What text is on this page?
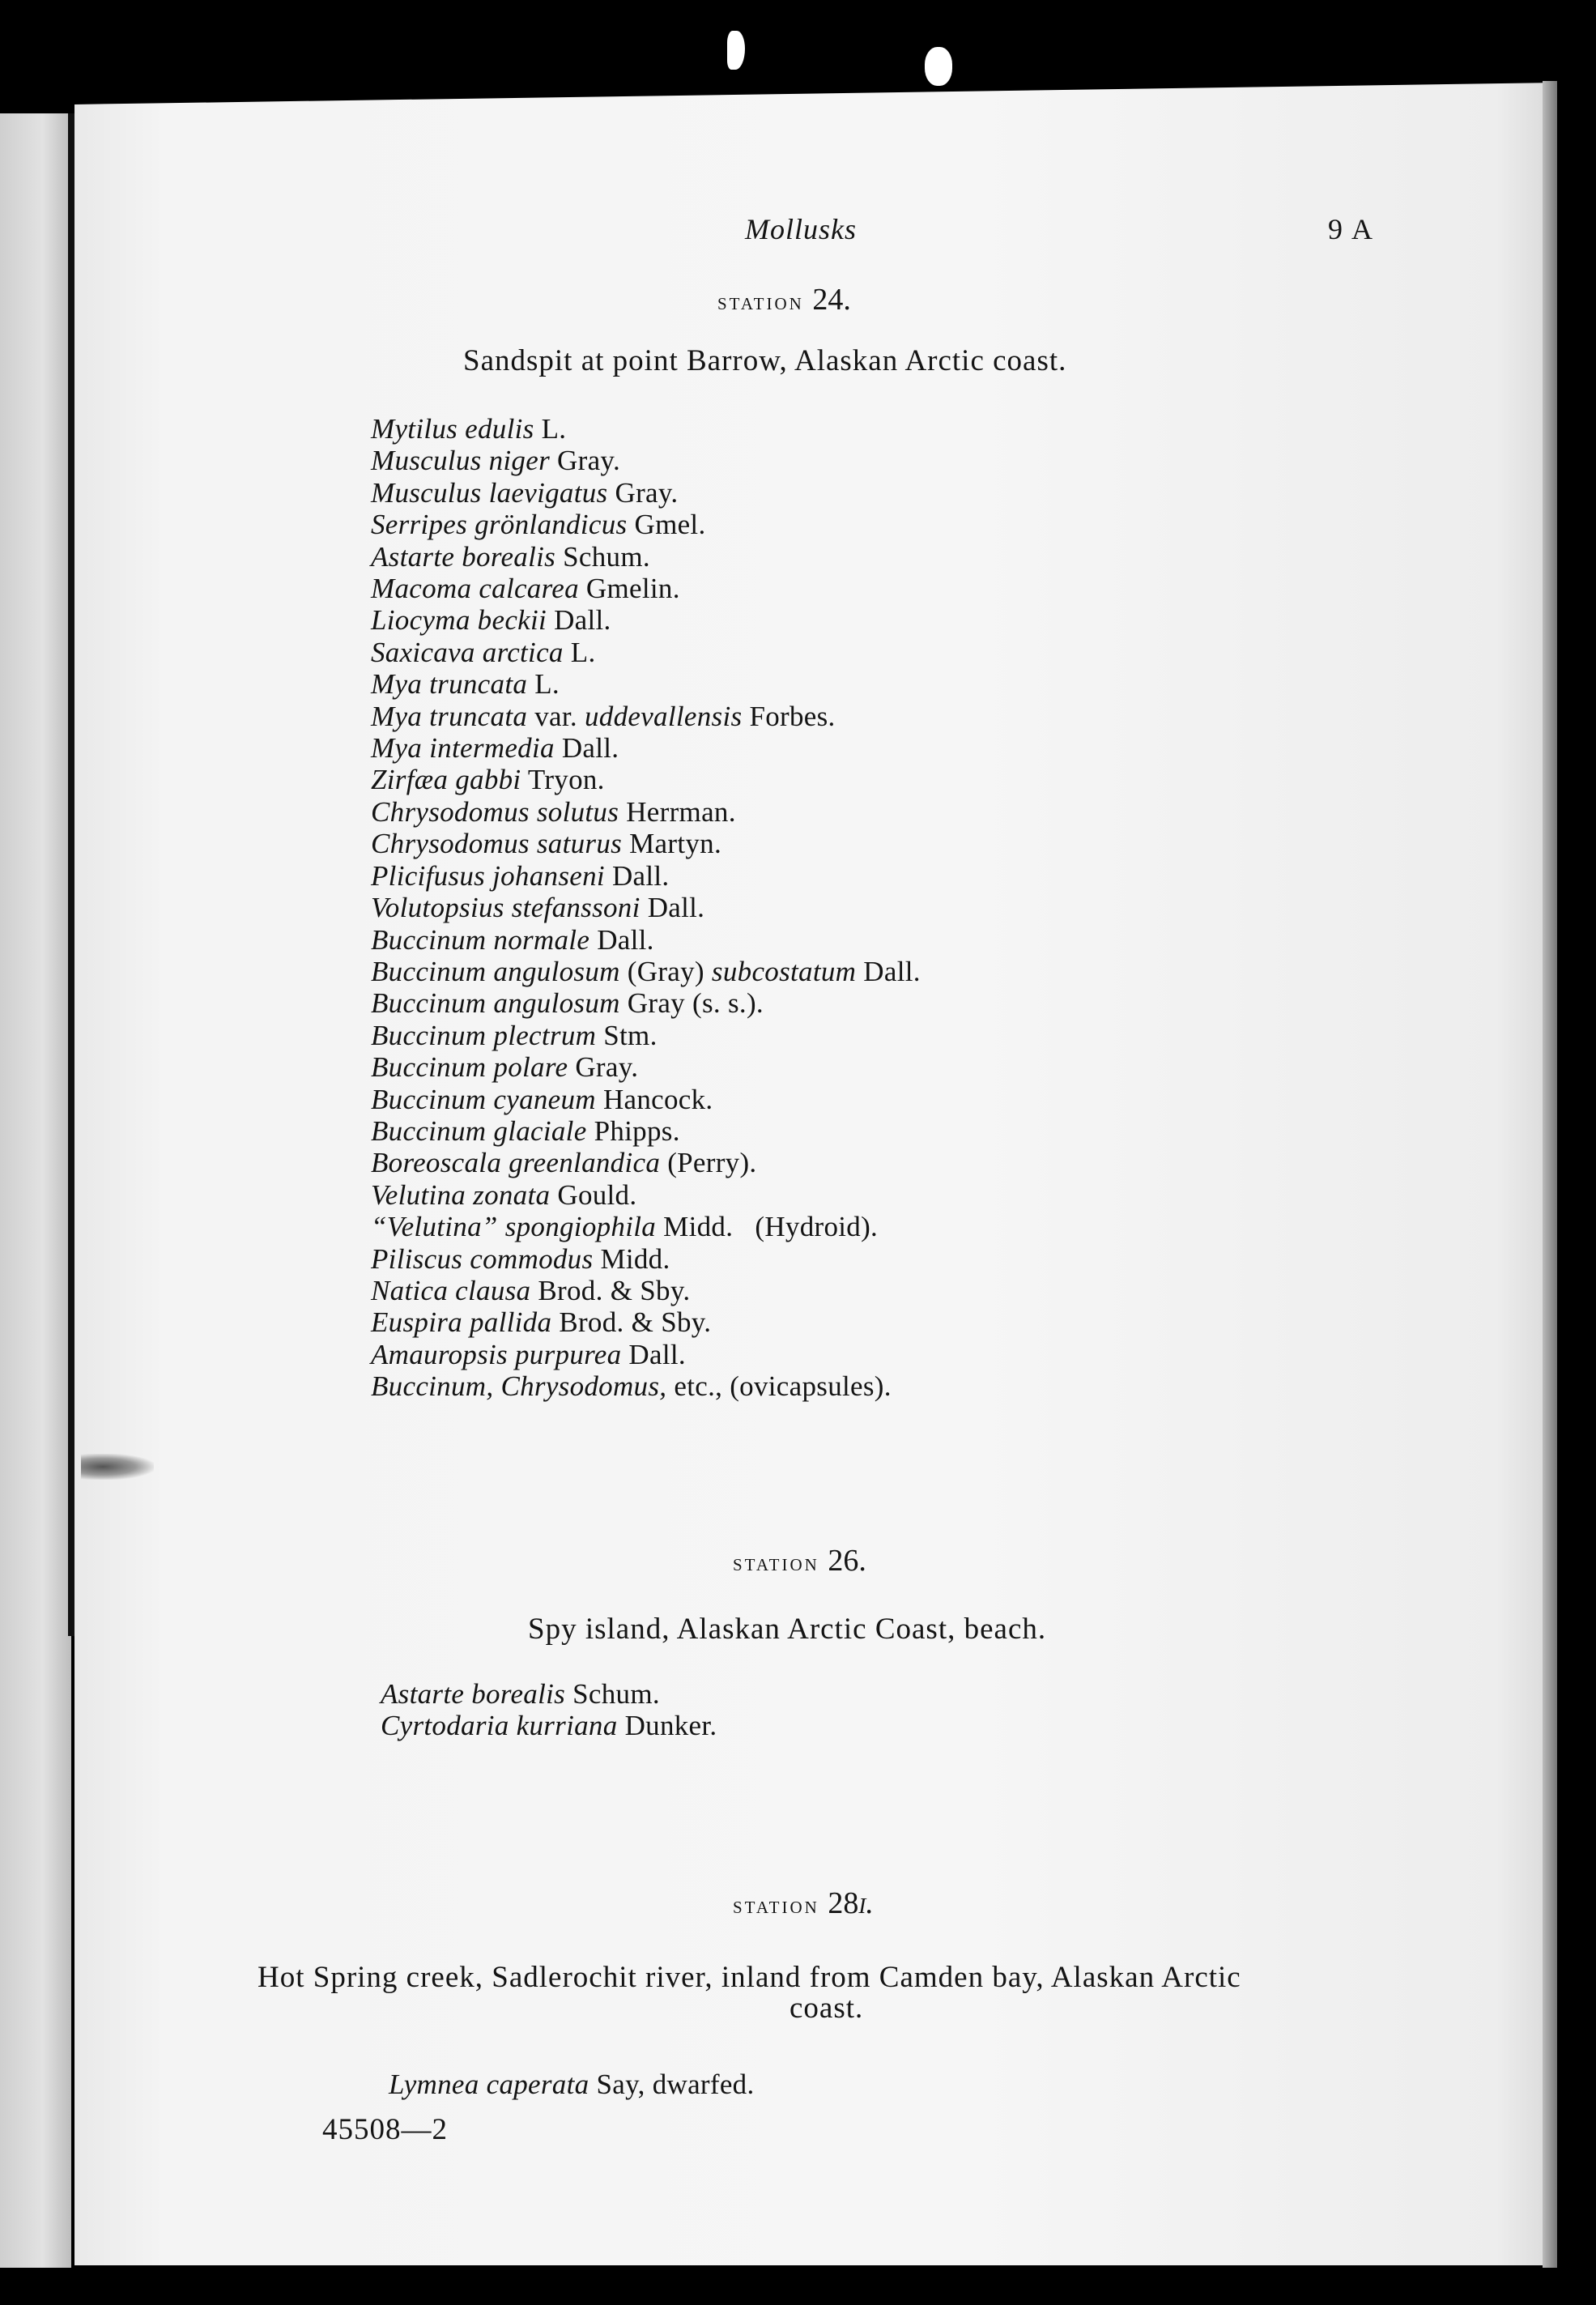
Mollusks	9 A
station 24.
Sandspit at point Barrow, Alaskan Arctic coast.
Mytilus edulis L.
Musculus niger Gray.
Musculus laevigatus Gray.
Serripes grönlandicus Gmel.
Astarte borealis Schum.
Macoma calcarea Gmelin.
Liocyma beckii Dall.
Saxicava arctica L.
Mya truncata L.
Mya truncata var. uddevallensis Forbes.
Mya intermedia Dall.
Zirfæa gabbi Tryon.
Chrysodomus solutus Herrman.
Chrysodomus saturus Martyn.
Plicifusus johanseni Dall.
Volutopsius stefanssoni Dall.
Buccinum normale Dall.
Buccinum angulosum (Gray) subcostatum Dall.
Buccinum angulosum Gray (s. s.).
Buccinum plectrum Stm.
Buccinum polare Gray.
Buccinum cyaneum Hancock.
Buccinum glaciale Phipps.
Boreoscala greenlandica (Perry).
Velutina zonata Gould.
“Velutina” spongiophila Midd.   (Hydroid).
Piliscus commodus Midd.
Natica clausa Brod. & Sby.
Euspira pallida Brod. & Sby.
Amauropsis purpurea Dall.
Buccinum, Chrysodomus, etc., (ovicapsules).
station 26.
Spy island, Alaskan Arctic Coast, beach.
Astarte borealis Schum.
Cyrtodaria kurriana Dunker.
station 28i.
Hot Spring creek, Sadlerochit river, inland from Camden bay, Alaskan Arctic
coast.
Lymnea caperata Say, dwarfed.
45508—2
